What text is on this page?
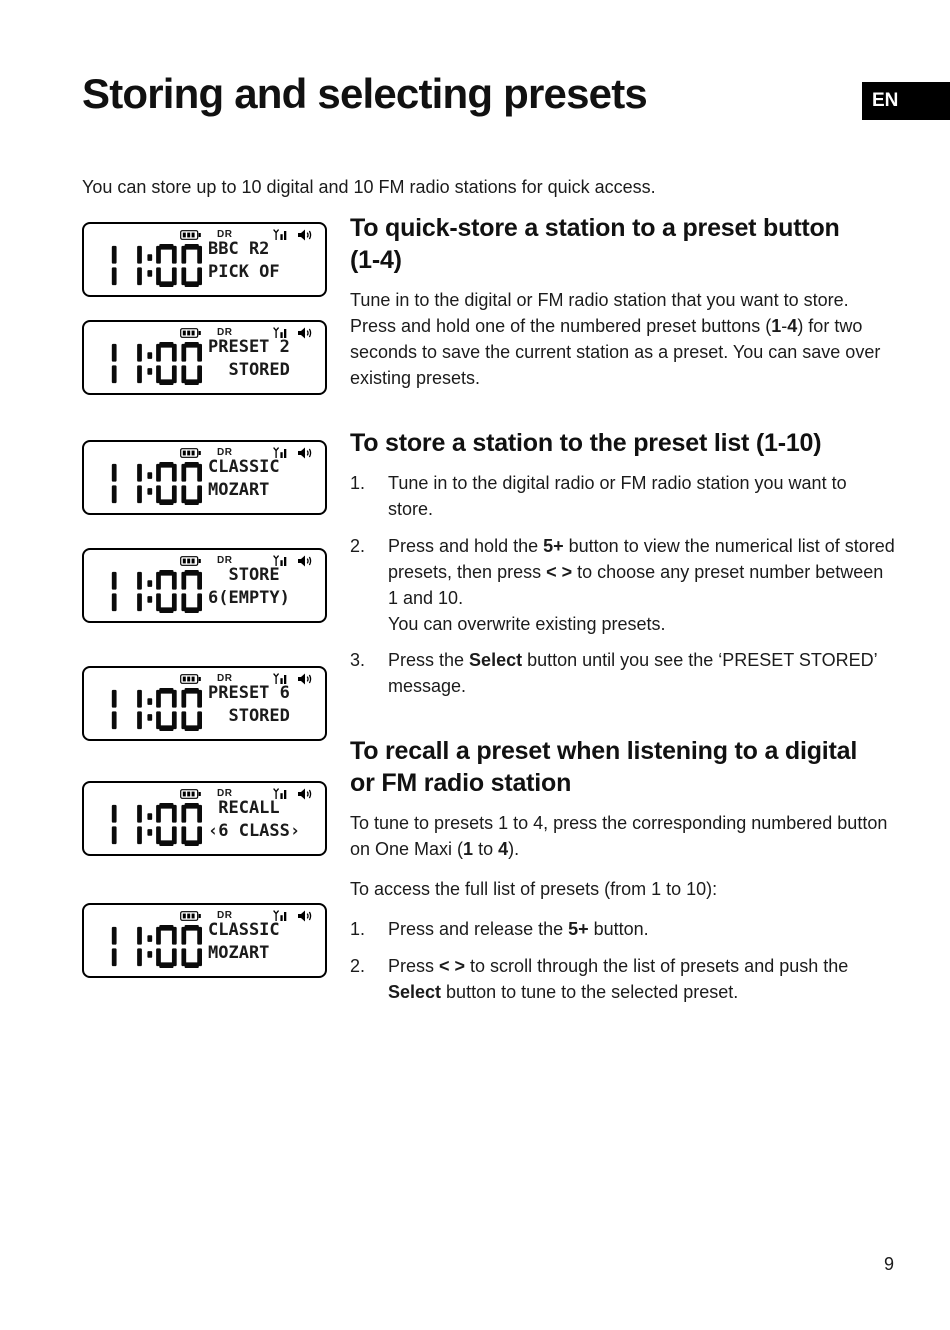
Storing and selecting presets	EN

You can store up to 10 digital and 10 FM radio stations for quick access.

DR
BBC R2
PICK OF
DR
PRESET 2
STORED
DR
CLASSIC
MOZART
DR
STORE
6(EMPTY)
DR
PRESET 6
STORED
DR
RECALL
‹6 CLASS›
DR
CLASSIC
MOZART
To quick-store a station to a preset button (1-4)

Tune in to the digital or FM radio station that you want to store. Press and hold one of the numbered preset buttons (1-4) for two seconds to save the current station as a preset. You can save over existing presets.

To store a station to the preset list (1-10)
1.	Tune in to the digital radio or FM radio station you want to store.
2.	Press and hold the 5+ button to view the numerical list of stored presets, then press < > to choose any preset number between 1 and 10.
You can overwrite existing presets.
3.	Press the Select button until you see the ‘PRESET STORED’ message.
To recall a preset when listening to a digital or FM radio station

To tune to presets 1 to 4, press the corresponding numbered button on One Maxi (1 to 4).

To access the full list of presets (from 1 to 10):

1.	Press and release the 5+ button.
2.	Press < > to scroll through the list of presets and push the Select button to tune to the selected preset.
9
